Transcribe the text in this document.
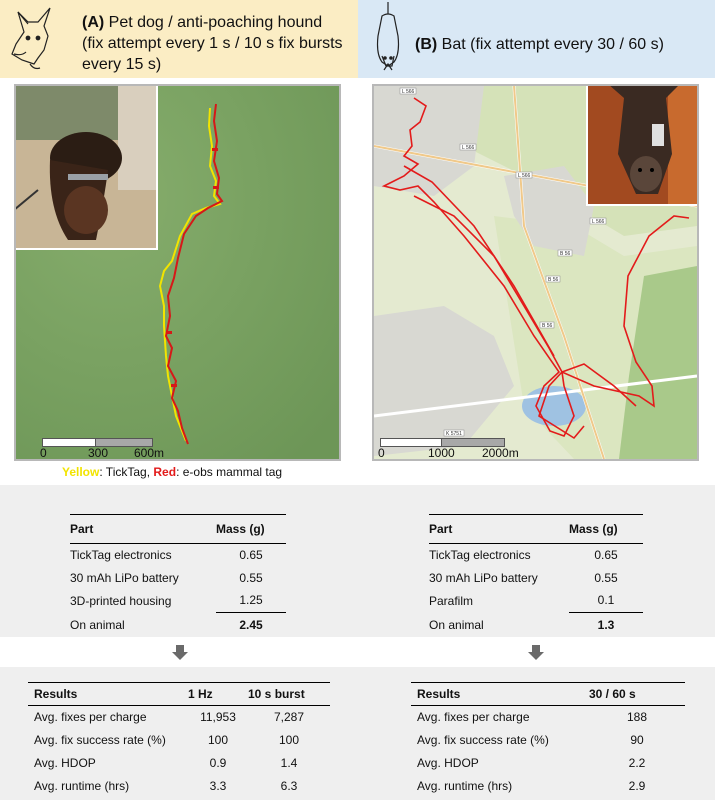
(A) Pet dog / anti-poaching hound
(fix attempt every 1 s / 10 s fix bursts
every 15 s)
(B) Bat (fix attempt every 30 / 60 s)
0	300 600m
Yellow: TickTag, Red: e-obs mammal tag
L 566
L 566
L 566
L 566
B 56
B 56
B 56
K 5751
0	1000 2000m
Part	Mass (g)
TickTag electronics	0.65
30 mAh LiPo battery	0.55
3D-printed housing	1.25
On animal	2.45
Part	Mass (g)
TickTag electronics	0.65
30 mAh LiPo battery	0.55
Parafilm	0.1
On animal	1.3
Results	1 Hz	10 s burst
Avg. fixes per charge	11,953	7,287
Avg. fix success rate (%)	100	100
Avg. HDOP	0.9	1.4
Avg. runtime (hrs)	3.3	6.3
Results	30 / 60 s
Avg. fixes per charge	188
Avg. fix success rate (%)	90
Avg. HDOP	2.2
Avg. runtime (hrs)	2.9
